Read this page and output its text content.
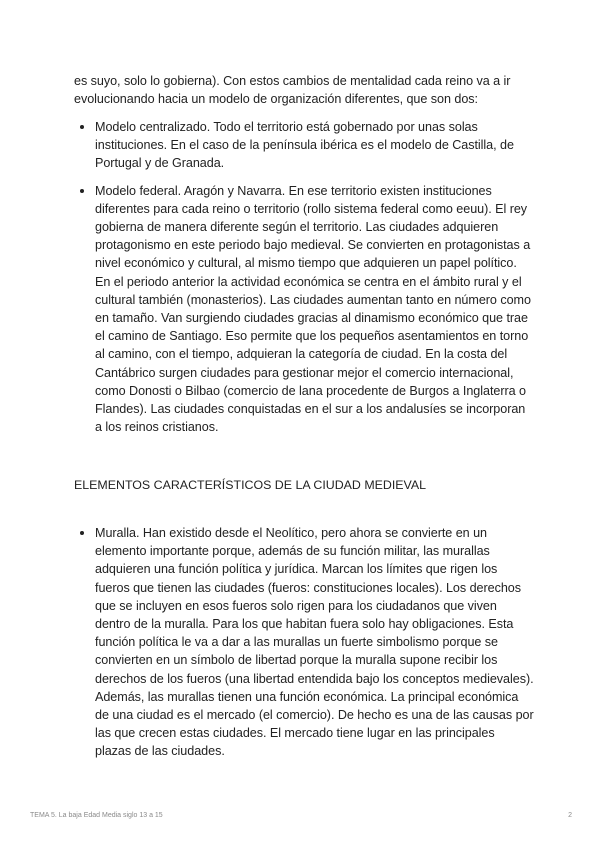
es suyo, solo lo gobierna). Con estos cambios de mentalidad cada reino va a ir evolucionando hacia un modelo de organización diferentes, que son dos:

Modelo centralizado. Todo el territorio está gobernado por unas solas instituciones. En el caso de la península ibérica es el modelo de Castilla, de Portugal y de Granada.
Modelo federal. Aragón y Navarra. En ese territorio existen instituciones diferentes para cada reino o territorio (rollo sistema federal como eeuu). El rey gobierna de manera diferente según el territorio. Las ciudades adquieren protagonismo en este periodo bajo medieval. Se convierten en protagonistas a nivel económico y cultural, al mismo tiempo que adquieren un papel político. En el periodo anterior la actividad económica se centra en el ámbito rural y el cultural también (monasterios). Las ciudades aumentan tanto en número como en tamaño. Van surgiendo ciudades gracias al dinamismo económico que trae el camino de Santiago. Eso permite que los pequeños asentamientos en torno al camino, con el tiempo, adquieran la categoría de ciudad. En la costa del Cantábrico surgen ciudades para gestionar mejor el comercio internacional, como Donosti o Bilbao (comercio de lana procedente de Burgos a Inglaterra o Flandes). Las ciudades conquistadas en el sur a los andalusíes se incorporan a los reinos cristianos.
ELEMENTOS CARACTERÍSTICOS DE LA CIUDAD MEDIEVAL
Muralla. Han existido desde el Neolítico, pero ahora se convierte en un elemento importante porque, además de su función militar, las murallas adquieren una función política y jurídica. Marcan los límites que rigen los fueros que tienen las ciudades (fueros: constituciones locales). Los derechos que se incluyen en esos fueros solo rigen para los ciudadanos que viven dentro de la muralla. Para los que habitan fuera solo hay obligaciones. Esta función política le va a dar a las murallas un fuerte simbolismo porque se convierten en un símbolo de libertad porque la muralla supone recibir los derechos de los fueros (una libertad entendida bajo los conceptos medievales). Además, las murallas tienen una función económica. La principal económica de una ciudad es el mercado (el comercio). De hecho es una de las causas por las que crecen estas ciudades. El mercado tiene lugar en las principales plazas de las ciudades.
TEMA 5. La baja Edad Media siglo 13 a 15	2
